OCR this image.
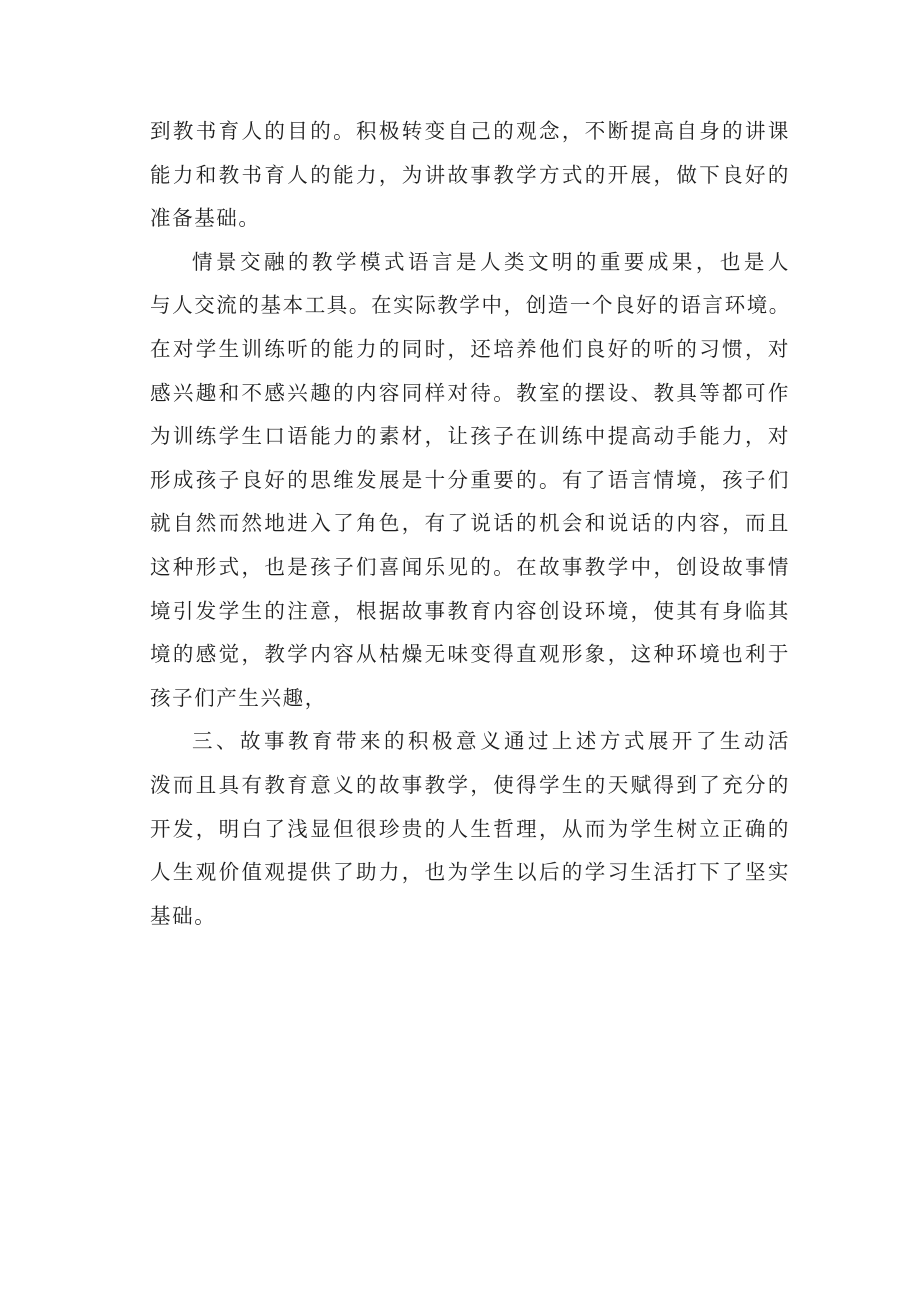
到教书育人的目的。积极转变自己的观念，不断提高自身的讲课
能力和教书育人的能力，为讲故事教学方式的开展，做下良好的
准备基础。

情景交融的教学模式语言是人类文明的重要成果，也是人
与人交流的基本工具。在实际教学中，创造一个良好的语言环境。
在对学生训练听的能力的同时，还培养他们良好的听的习惯，对
感兴趣和不感兴趣的内容同样对待。教室的摆设、教具等都可作
为训练学生口语能力的素材，让孩子在训练中提高动手能力，对
形成孩子良好的思维发展是十分重要的。有了语言情境，孩子们
就自然而然地进入了角色，有了说话的机会和说话的内容，而且
这种形式，也是孩子们喜闻乐见的。在故事教学中，创设故事情
境引发学生的注意，根据故事教育内容创设环境，使其有身临其
境的感觉，教学内容从枯燥无味变得直观形象，这种环境也利于
孩子们产生兴趣，

三、故事教育带来的积极意义通过上述方式展开了生动活
泼而且具有教育意义的故事教学，使得学生的天赋得到了充分的
开发，明白了浅显但很珍贵的人生哲理，从而为学生树立正确的
人生观价值观提供了助力，也为学生以后的学习生活打下了坚实
基础。
